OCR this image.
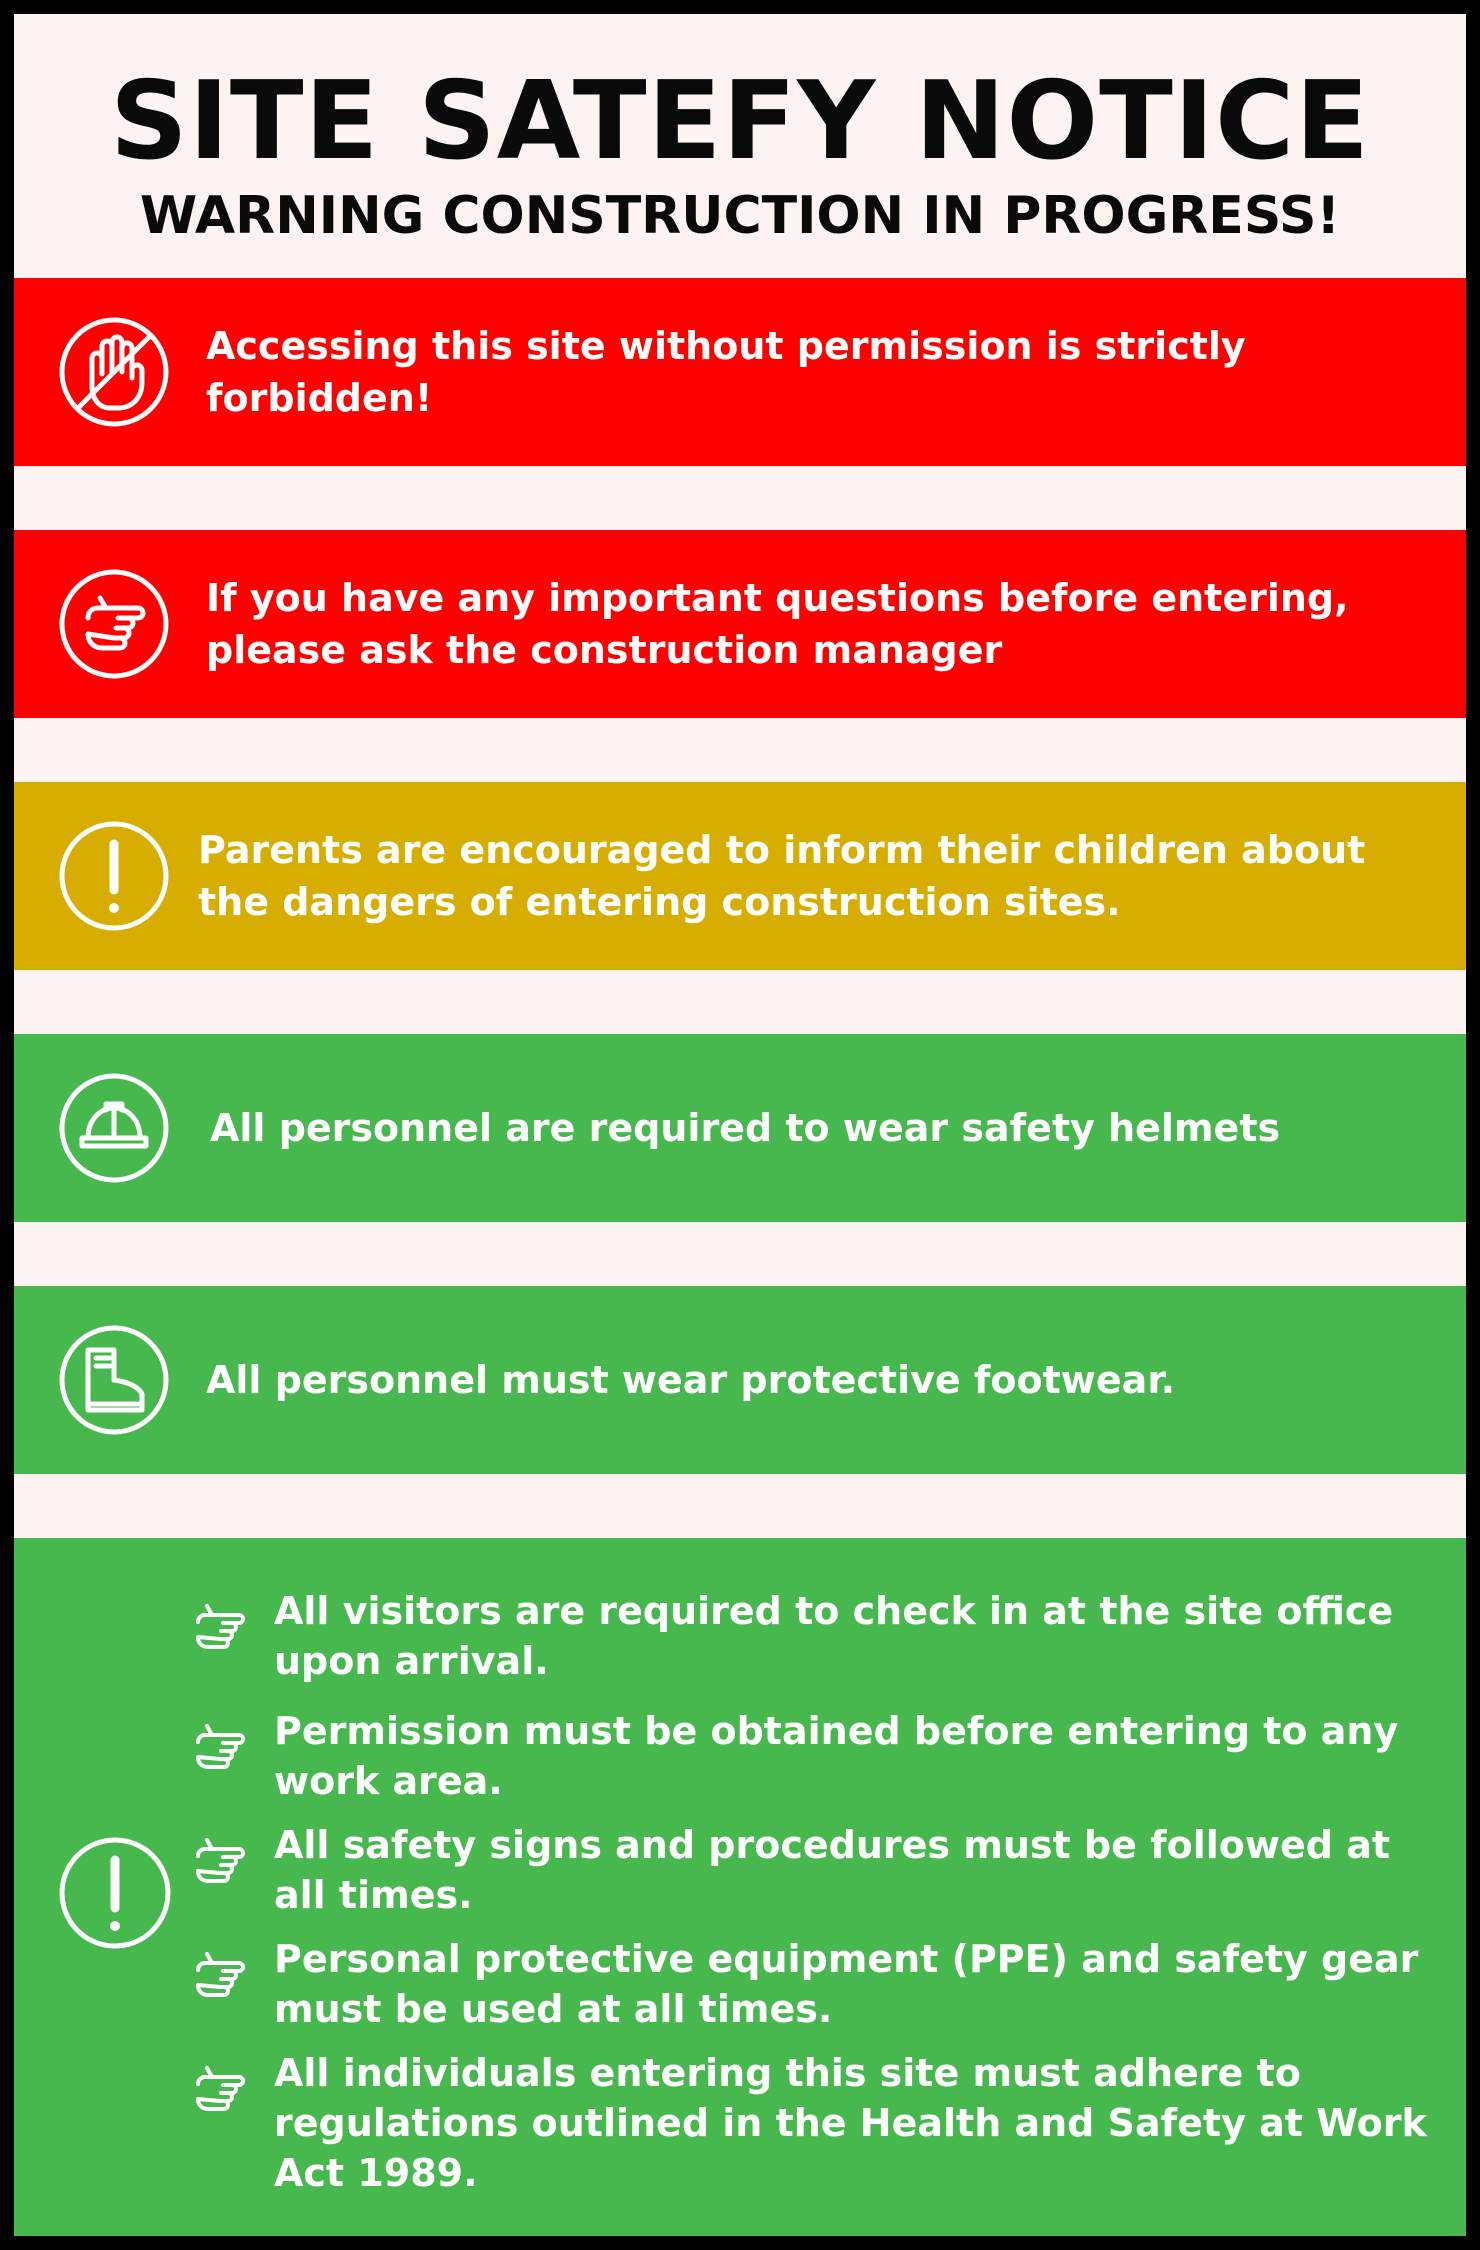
SITE SATEFY NOTICE
WARNING CONSTRUCTION IN PROGRESS!
Accessing this site without permission is strictly forbidden!
If you have any important questions before entering, please ask the construction manager
Parents are encouraged to inform their children about the dangers of entering construction sites.
All personnel are required to wear safety helmets
All personnel must wear protective footwear.
All visitors are required to check in at the site office upon arrival.
Permission must be obtained before entering to any work area.
All safety signs and procedures must be followed at all times.
Personal protective equipment (PPE) and safety gear must be used at all times.
All individuals entering this site must adhere to regulations outlined in the Health and Safety at Work Act 1989.
